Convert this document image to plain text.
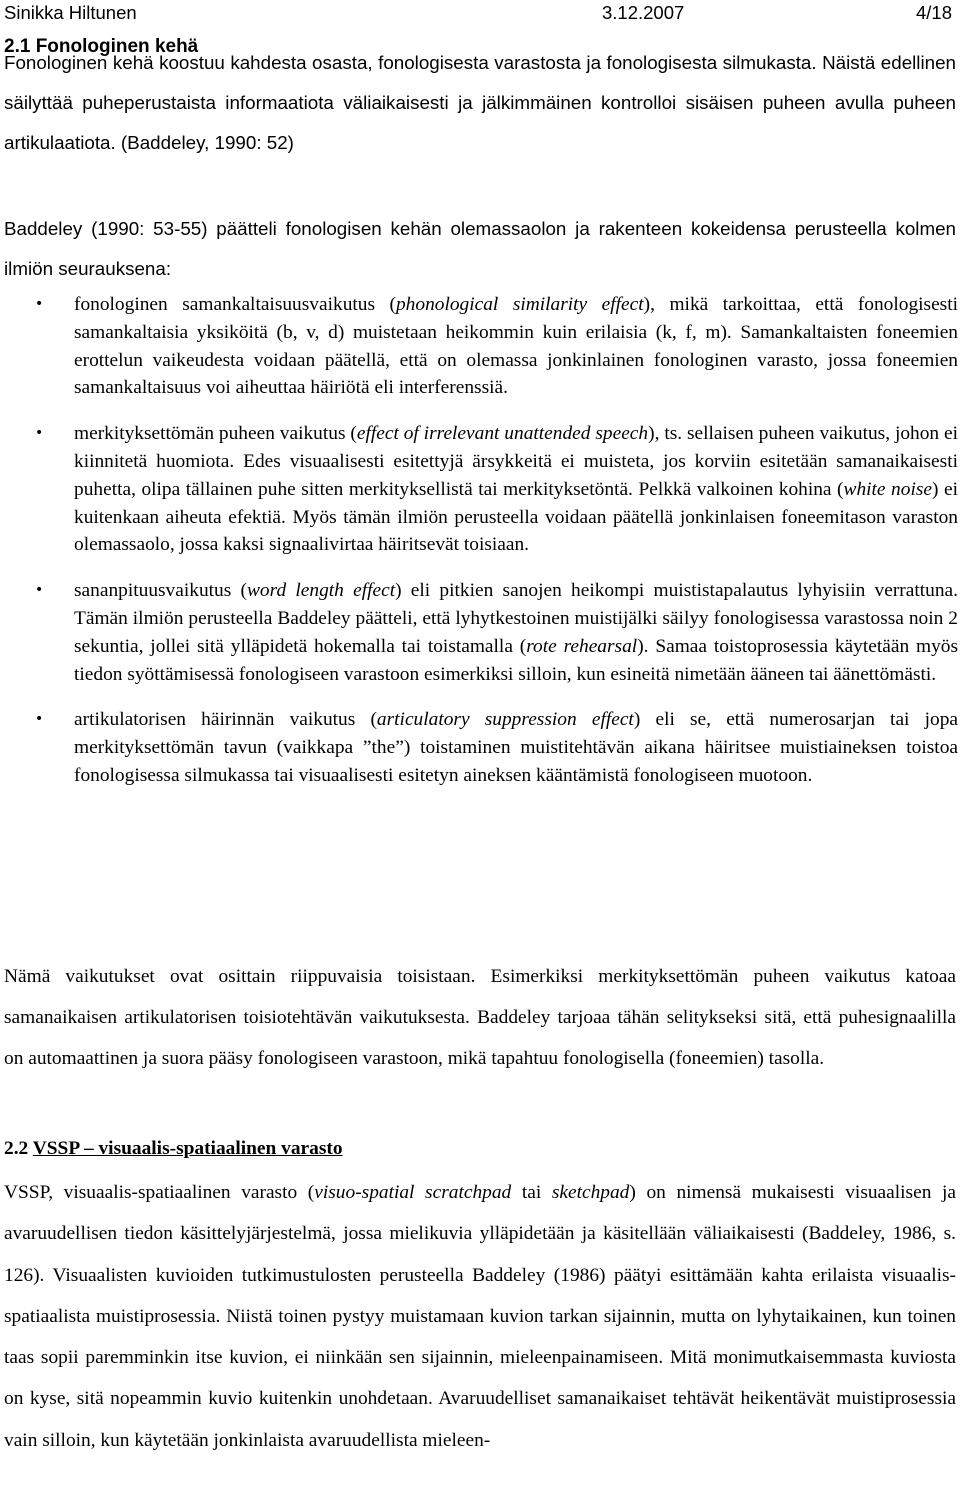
Sinikka Hiltunen	3.12.2007	4/18
2.1 Fonologinen kehä
Fonologinen kehä koostuu kahdesta osasta, fonologisesta varastosta ja fonologisesta silmukasta. Näistä edellinen säilyttää puheperustaista informaatiota väliaikaisesti ja jälkimmäinen kontrolloi sisäisen puheen avulla puheen artikulaatiota. (Baddeley, 1990: 52)
Baddeley (1990: 53-55) päätteli fonologisen kehän olemassaolon ja rakenteen kokeidensa perusteella kolmen ilmiön seurauksena:
• fonologinen samankaltaisuusvaikutus (phonological similarity effect), mikä tarkoittaa, että fonologisesti samankaltaisia yksiköitä (b, v, d) muistetaan heikommin kuin erilaisia (k, f, m). Samankaltaisten foneemien erottelun vaikeudesta voidaan päätellä, että on olemassa jonkinlainen fonologinen varasto, jossa foneemien samankaltaisuus voi aiheuttaa häiriötä eli interferenssiä.
• merkityksettömän puheen vaikutus (effect of irrelevant unattended speech), ts. sellaisen puheen vaikutus, johon ei kiinnitetä huomiota. Edes visuaalisesti esitettyjä ärsykkeitä ei muisteta, jos korviin esitetään samanaikaisesti puhetta, olipa tällainen puhe sitten merkityksellistä tai merkityksetöntä. Pelkkä valkoinen kohina (white noise) ei kuitenkaan aiheuta efektiä. Myös tämän ilmiön perusteella voidaan päätellä jonkinlaisen foneemitason varaston olemassaolo, jossa kaksi signaalivirtaa häiritsevät toisiaan.
• sananpituusvaikutus (word length effect) eli pitkien sanojen heikompi muististapalautus lyhyisiin verrattuna. Tämän ilmiön perusteella Baddeley päätteli, että lyhytkestoinen muistijälki säilyy fonologisessa varastossa noin 2 sekuntia, jollei sitä ylläpidetä hokemalla tai toistamalla (rote rehearsal). Samaa toistoprosessia käytetään myös tiedon syöttämisessä fonologiseen varastoon esimerkiksi silloin, kun esineitä nimetään ääneen tai äänettömästi.
• artikulatorisen häirinnän vaikutus (articulatory suppression effect) eli se, että numerosarjan tai jopa merkityksettömän tavun (vaikkapa ”the”) toistaminen muistitehtävän aikana häiritsee muistiaineksen toistoa fonologisessa silmukassa tai visuaalisesti esitetyn aineksen kääntämistä fonologiseen muotoon.
Nämä vaikutukset ovat osittain riippuvaisia toisistaan. Esimerkiksi merkityksettömän puheen vaikutus katoaa samanaikaisen artikulatorisen toisiotehtävän vaikutuksesta. Baddeley tarjoaa tähän selitykseksi sitä, että puhesignaalilla on automaattinen ja suora pääsy fonologiseen varastoon, mikä tapahtuu fonologisella (foneemien) tasolla.
2.2 VSSP – visuaalis-spatiaalinen varasto
VSSP, visuaalis-spatiaalinen varasto (visuo-spatial scratchpad tai sketchpad) on nimensä mukaisesti visuaalisen ja avaruudellisen tiedon käsittelyjärjestelmä, jossa mielikuvia ylläpidetään ja käsitellään väliaikaisesti (Baddeley, 1986, s. 126). Visuaalisten kuvioiden tutkimustulosten perusteella Baddeley (1986) päätyi esittämään kahta erilaista visuaalis-spatiaalista muistiprosessia. Niistä toinen pystyy muistamaan kuvion tarkan sijainnin, mutta on lyhytaikainen, kun toinen taas sopii paremminkin itse kuvion, ei niinkään sen sijainnin, mieleenpainamiseen. Mitä monimutkaisemmasta kuviosta on kyse, sitä nopeammin kuvio kuitenkin unohdetaan. Avaruudelliset samanaikaiset tehtävät heikentävät muistiprosessia vain silloin, kun käytetään jonkinlaista avaruudellista mieleen-
